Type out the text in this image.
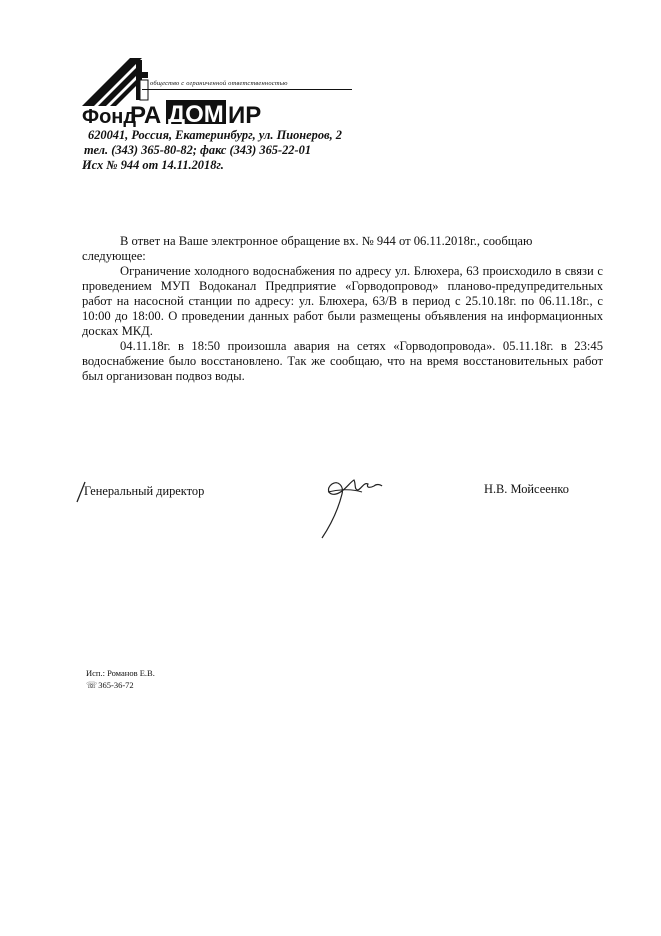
Фонд
РА ДОМ ИР
общество с ограниченной ответственностью
620041, Россия, Екатеринбург, ул. Пионеров, 2
тел. (343) 365-80-82; факс (343) 365-22-01
Исх № 944 от 14.11.2018г.

В ответ на Ваше электронное обращение вх. № 944 от 06.11.2018г., сообщаю

следующее:

Ограничение холодного водоснабжения по адресу ул. Блюхера, 63 происходило в связи с проведением МУП Водоканал Предприятие «Горводопровод» планово-предупредительных работ на насосной станции по адресу: ул. Блюхера, 63/В в период с 25.10.18г. по 06.11.18г., с 10:00 до 18:00. О проведении данных работ были размещены объявления на информационных досках МКД.

04.11.18г. в 18:50 произошла авария на сетях «Горводопровода». 05.11.18г. в 23:45 водоснабжение было восстановлено. Так же сообщаю, что на время восстановительных работ был организован подвоз воды.

Генеральный директор	Н.В. Мойсеенко
Исп.: Романов Е.В.
☏365-36-72
